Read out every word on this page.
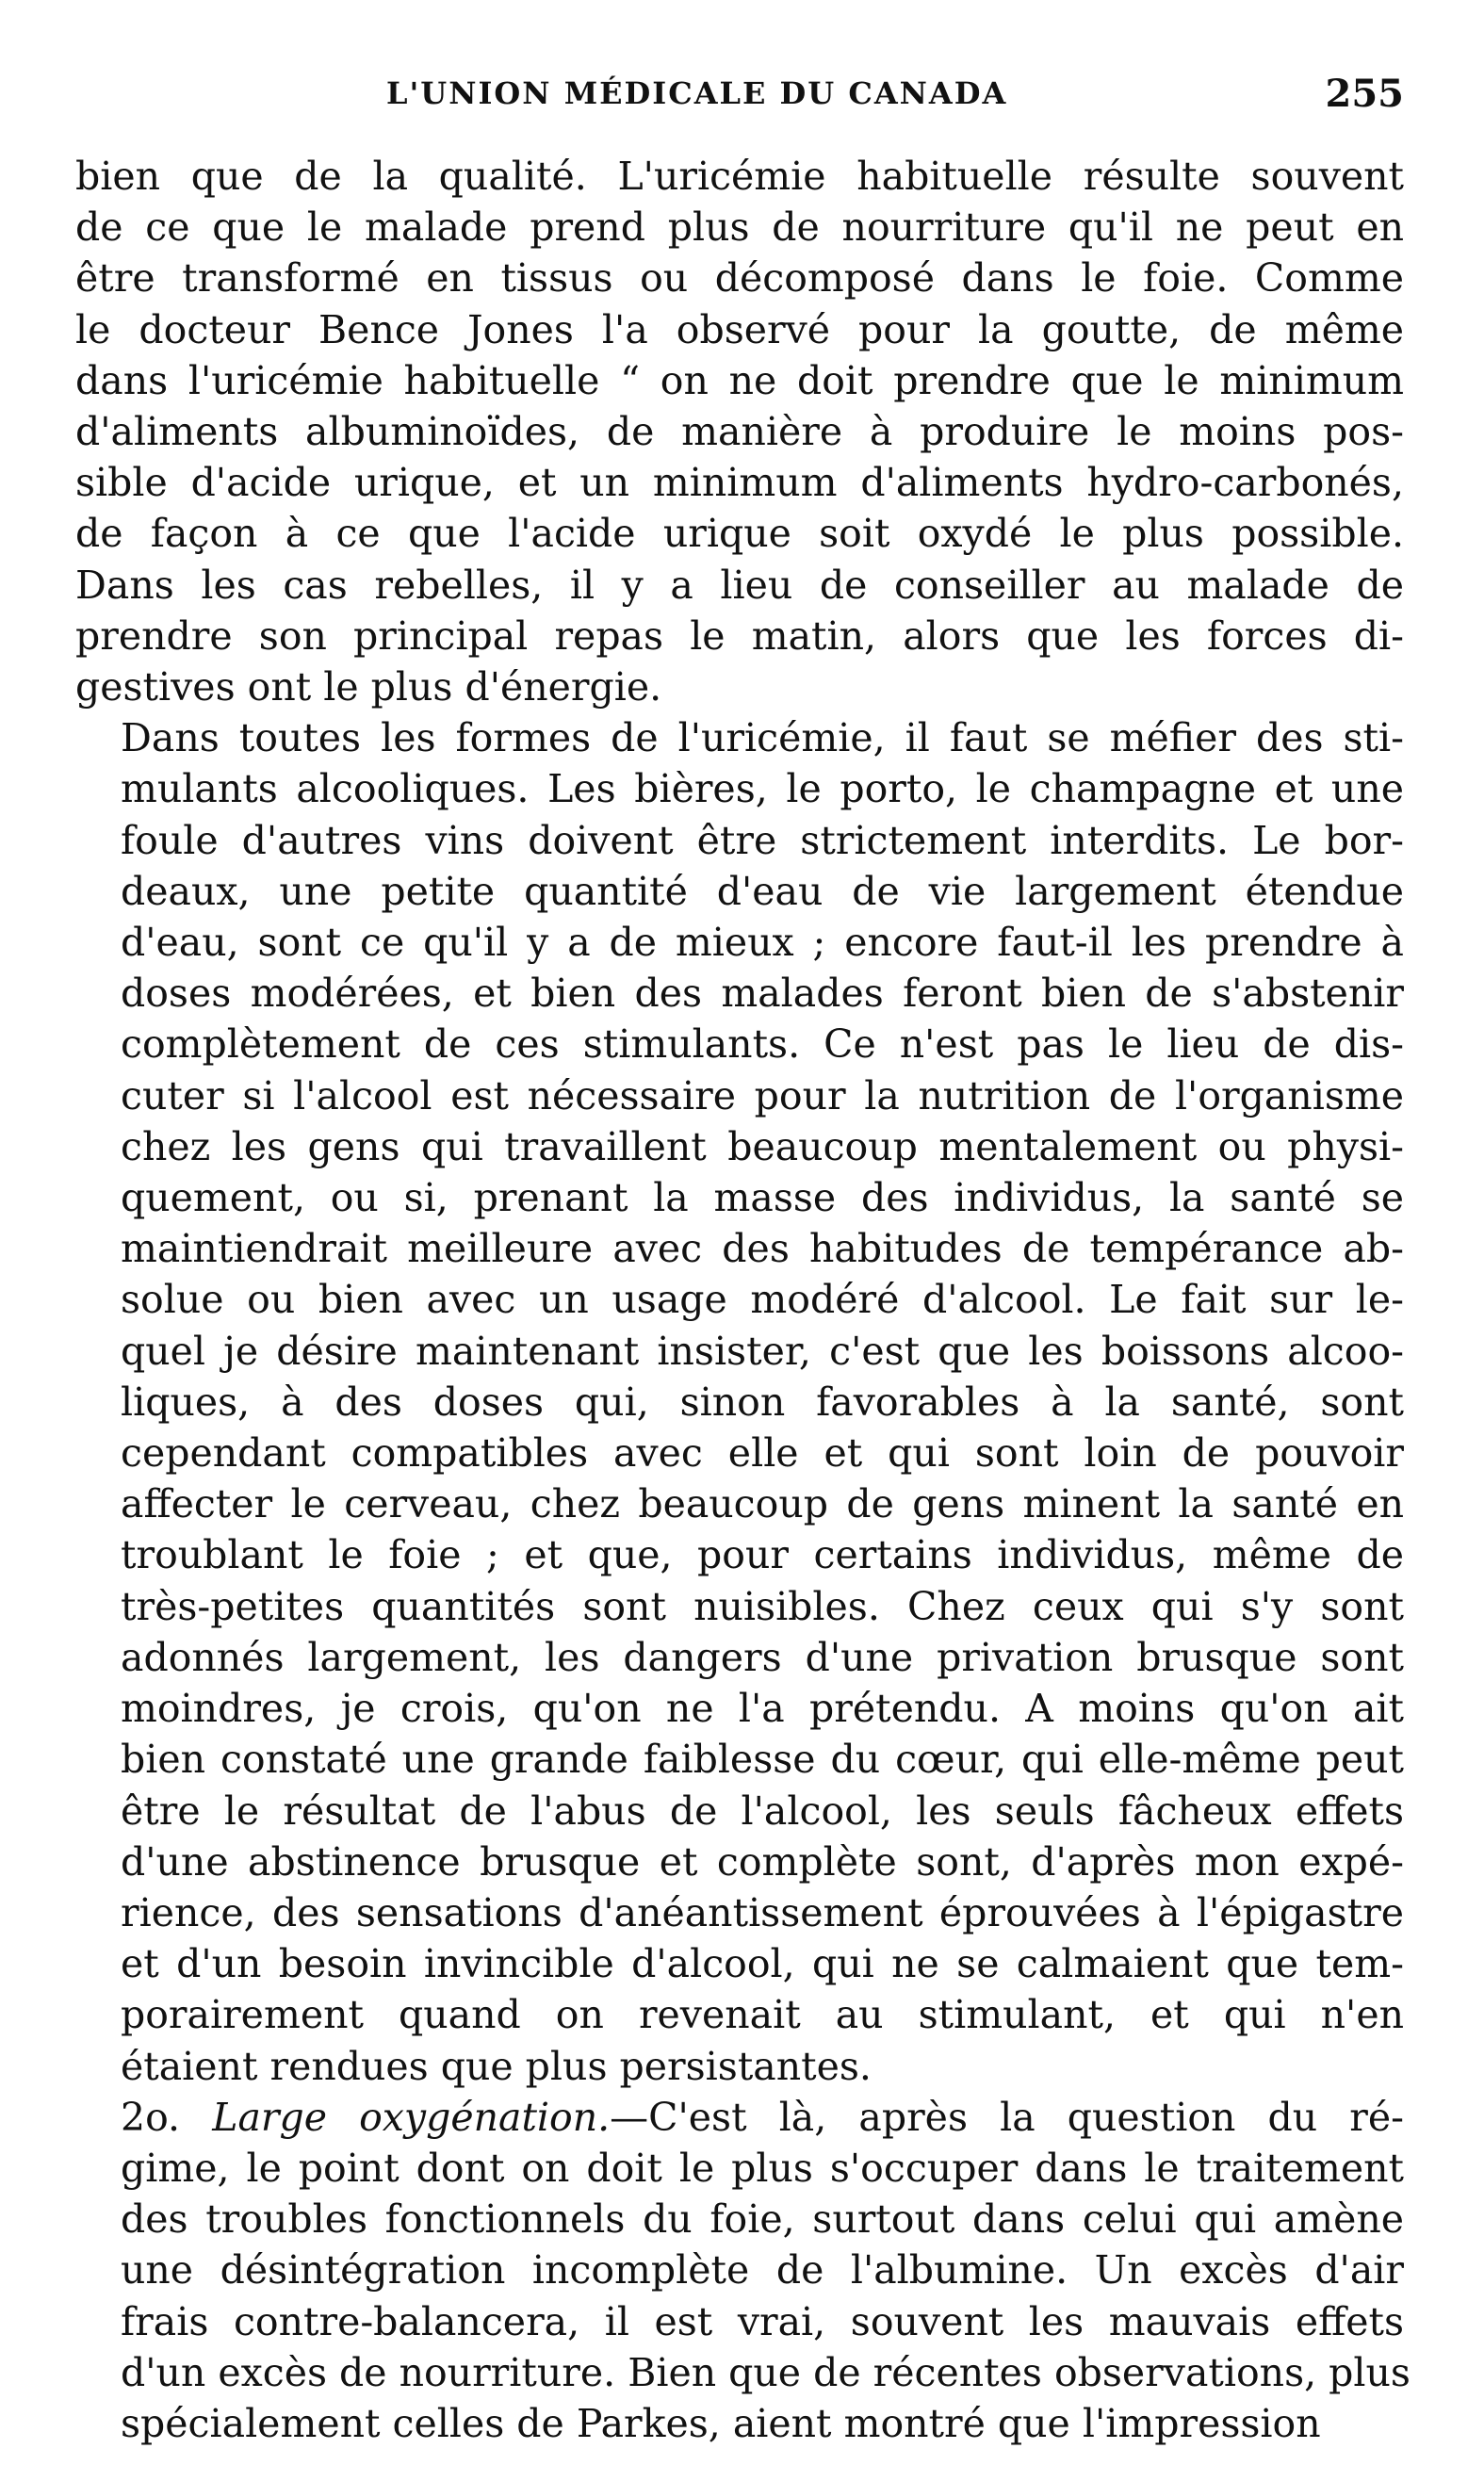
L'UNION MÉDICALE DU CANADA	255

bien que de la qualité. L'uricémie habituelle résulte souvent
de ce que le malade prend plus de nourriture qu'il ne peut en
être transformé en tissus ou décomposé dans le foie. Comme
le docteur Bence Jones l'a observé pour la goutte, de même
dans l'uricémie habituelle “ on ne doit prendre que le minimum
d'aliments albuminoïdes, de manière à produire le moins pos-
sible d'acide urique, et un minimum d'aliments hydro-carbonés,
de façon à ce que l'acide urique soit oxydé le plus possible.
Dans les cas rebelles, il y a lieu de conseiller au malade de
prendre son principal repas le matin, alors que les forces di-
gestives ont le plus d'énergie.

Dans toutes les formes de l'uricémie, il faut se méfier des sti-
mulants alcooliques. Les bières, le porto, le champagne et une
foule d'autres vins doivent être strictement interdits. Le bor-
deaux, une petite quantité d'eau de vie largement étendue
d'eau, sont ce qu'il y a de mieux ; encore faut-il les prendre à
doses modérées, et bien des malades feront bien de s'abstenir
complètement de ces stimulants. Ce n'est pas le lieu de dis-
cuter si l'alcool est nécessaire pour la nutrition de l'organisme
chez les gens qui travaillent beaucoup mentalement ou physi-
quement, ou si, prenant la masse des individus, la santé se
maintiendrait meilleure avec des habitudes de tempérance ab-
solue ou bien avec un usage modéré d'alcool. Le fait sur le-
quel je désire maintenant insister, c'est que les boissons alcoo-
liques, à des doses qui, sinon favorables à la santé, sont
cependant compatibles avec elle et qui sont loin de pouvoir
affecter le cerveau, chez beaucoup de gens minent la santé en
troublant le foie ; et que, pour certains individus, même de
très-petites quantités sont nuisibles. Chez ceux qui s'y sont
adonnés largement, les dangers d'une privation brusque sont
moindres, je crois, qu'on ne l'a prétendu. A moins qu'on ait
bien constaté une grande faiblesse du cœur, qui elle-même peut
être le résultat de l'abus de l'alcool, les seuls fâcheux effets
d'une abstinence brusque et complète sont, d'après mon expé-
rience, des sensations d'anéantissement éprouvées à l'épigastre
et d'un besoin invincible d'alcool, qui ne se calmaient que tem-
porairement quand on revenait au stimulant, et qui n'en
étaient rendues que plus persistantes.

2o. Large oxygénation.—C'est là, après la question du ré-
gime, le point dont on doit le plus s'occuper dans le traitement
des troubles fonctionnels du foie, surtout dans celui qui amène
une désintégration incomplète de l'albumine. Un excès d'air
frais contre-balancera, il est vrai, souvent les mauvais effets
d'un excès de nourriture. Bien que de récentes observations, plus
spécialement celles de Parkes, aient montré que l'impression
